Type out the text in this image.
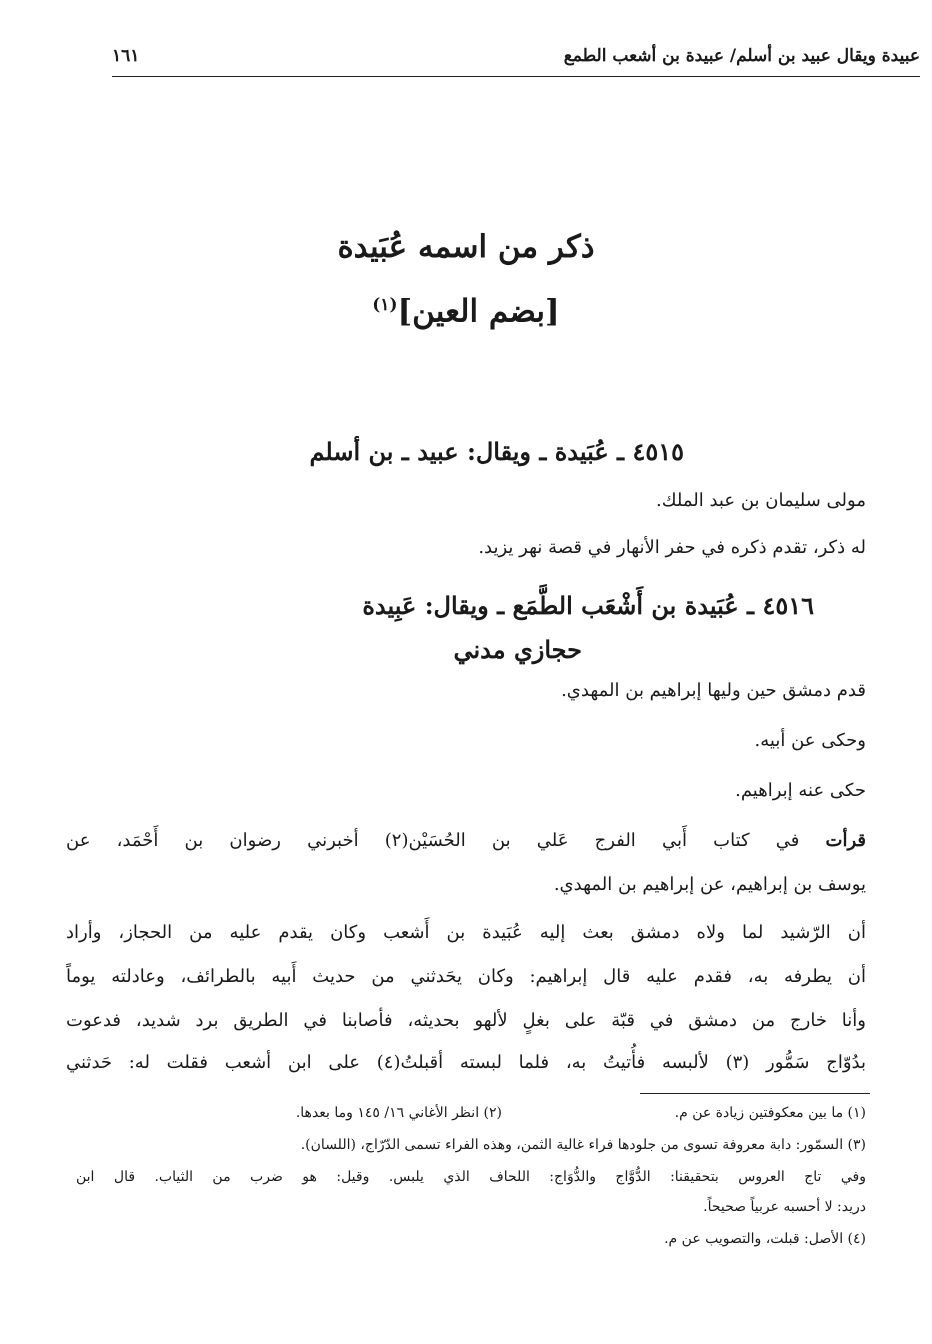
عبيدة ويقال عبيد بن أسلم/ عبيدة بن أشعب الطمع
١٦١
ذكر من اسمه عُبَيدة
[بضم العين]$^{(١)}$
٤٥١٥ ـ عُبَيدة ـ ويقال: عبيد ـ بن أسلم
مولى سليمان بن عبد الملك.
له ذكر، تقدم ذكره في حفر الأنهار في قصة نهر يزيد.
٤٥١٦ ـ عُبَيدة بن أَشْعَب الطَّمَع ـ ويقال: عَبِيدة
حجازي مدني
قدم دمشق حين وليها إبراهيم بن المهدي.
وحكى عن أبيه.
حكى عنه إبراهيم.
قرأت في كتاب أَبي الفرج عَلي بن الحُسَيْن(٢) أخبرني رضوان بن أَحْمَد، عن
يوسف بن إبراهيم، عن إبراهيم بن المهدي.
أن الرّشيد لما ولاه دمشق بعث إليه عُبَيدة بن أَشعب وكان يقدم عليه من الحجاز، وأراد
أن يطرفه به، فقدم عليه قال إبراهيم: وكان يحَدثني من حديث أَبيه بالطرائف، وعادلته يوماً
وأنا خارج من دمشق في قبّة على بغلٍ لألهو بحديثه، فأصابنا في الطريق برد شديد، فدعوت
بدُوّاج سَمُّور (٣) لألبسه فأُتيتُ به، فلما لبسته أقبلتُ(٤) على ابن أشعب فقلت له: حَدثني
(١) ما بين معكوفتين زيادة عن م.
(٢) انظر الأغاني ١٦/ ١٤٥ وما بعدها.
(٣) السمّور: دابة معروفة تسوى من جلودها فراء غالية الثمن، وهذه الفراء تسمى الدّرّاج، (اللسان).
وفي تاج العروس بتحقيقنا: الدُّوَّاج والدُّوَاج: اللحاف الذي يلبس. وقيل: هو ضرب من الثياب. قال ابن
دريد: لا أحسبه عربياً صحيحاً.
(٤) الأصل: قبلت، والتصويب عن م.
